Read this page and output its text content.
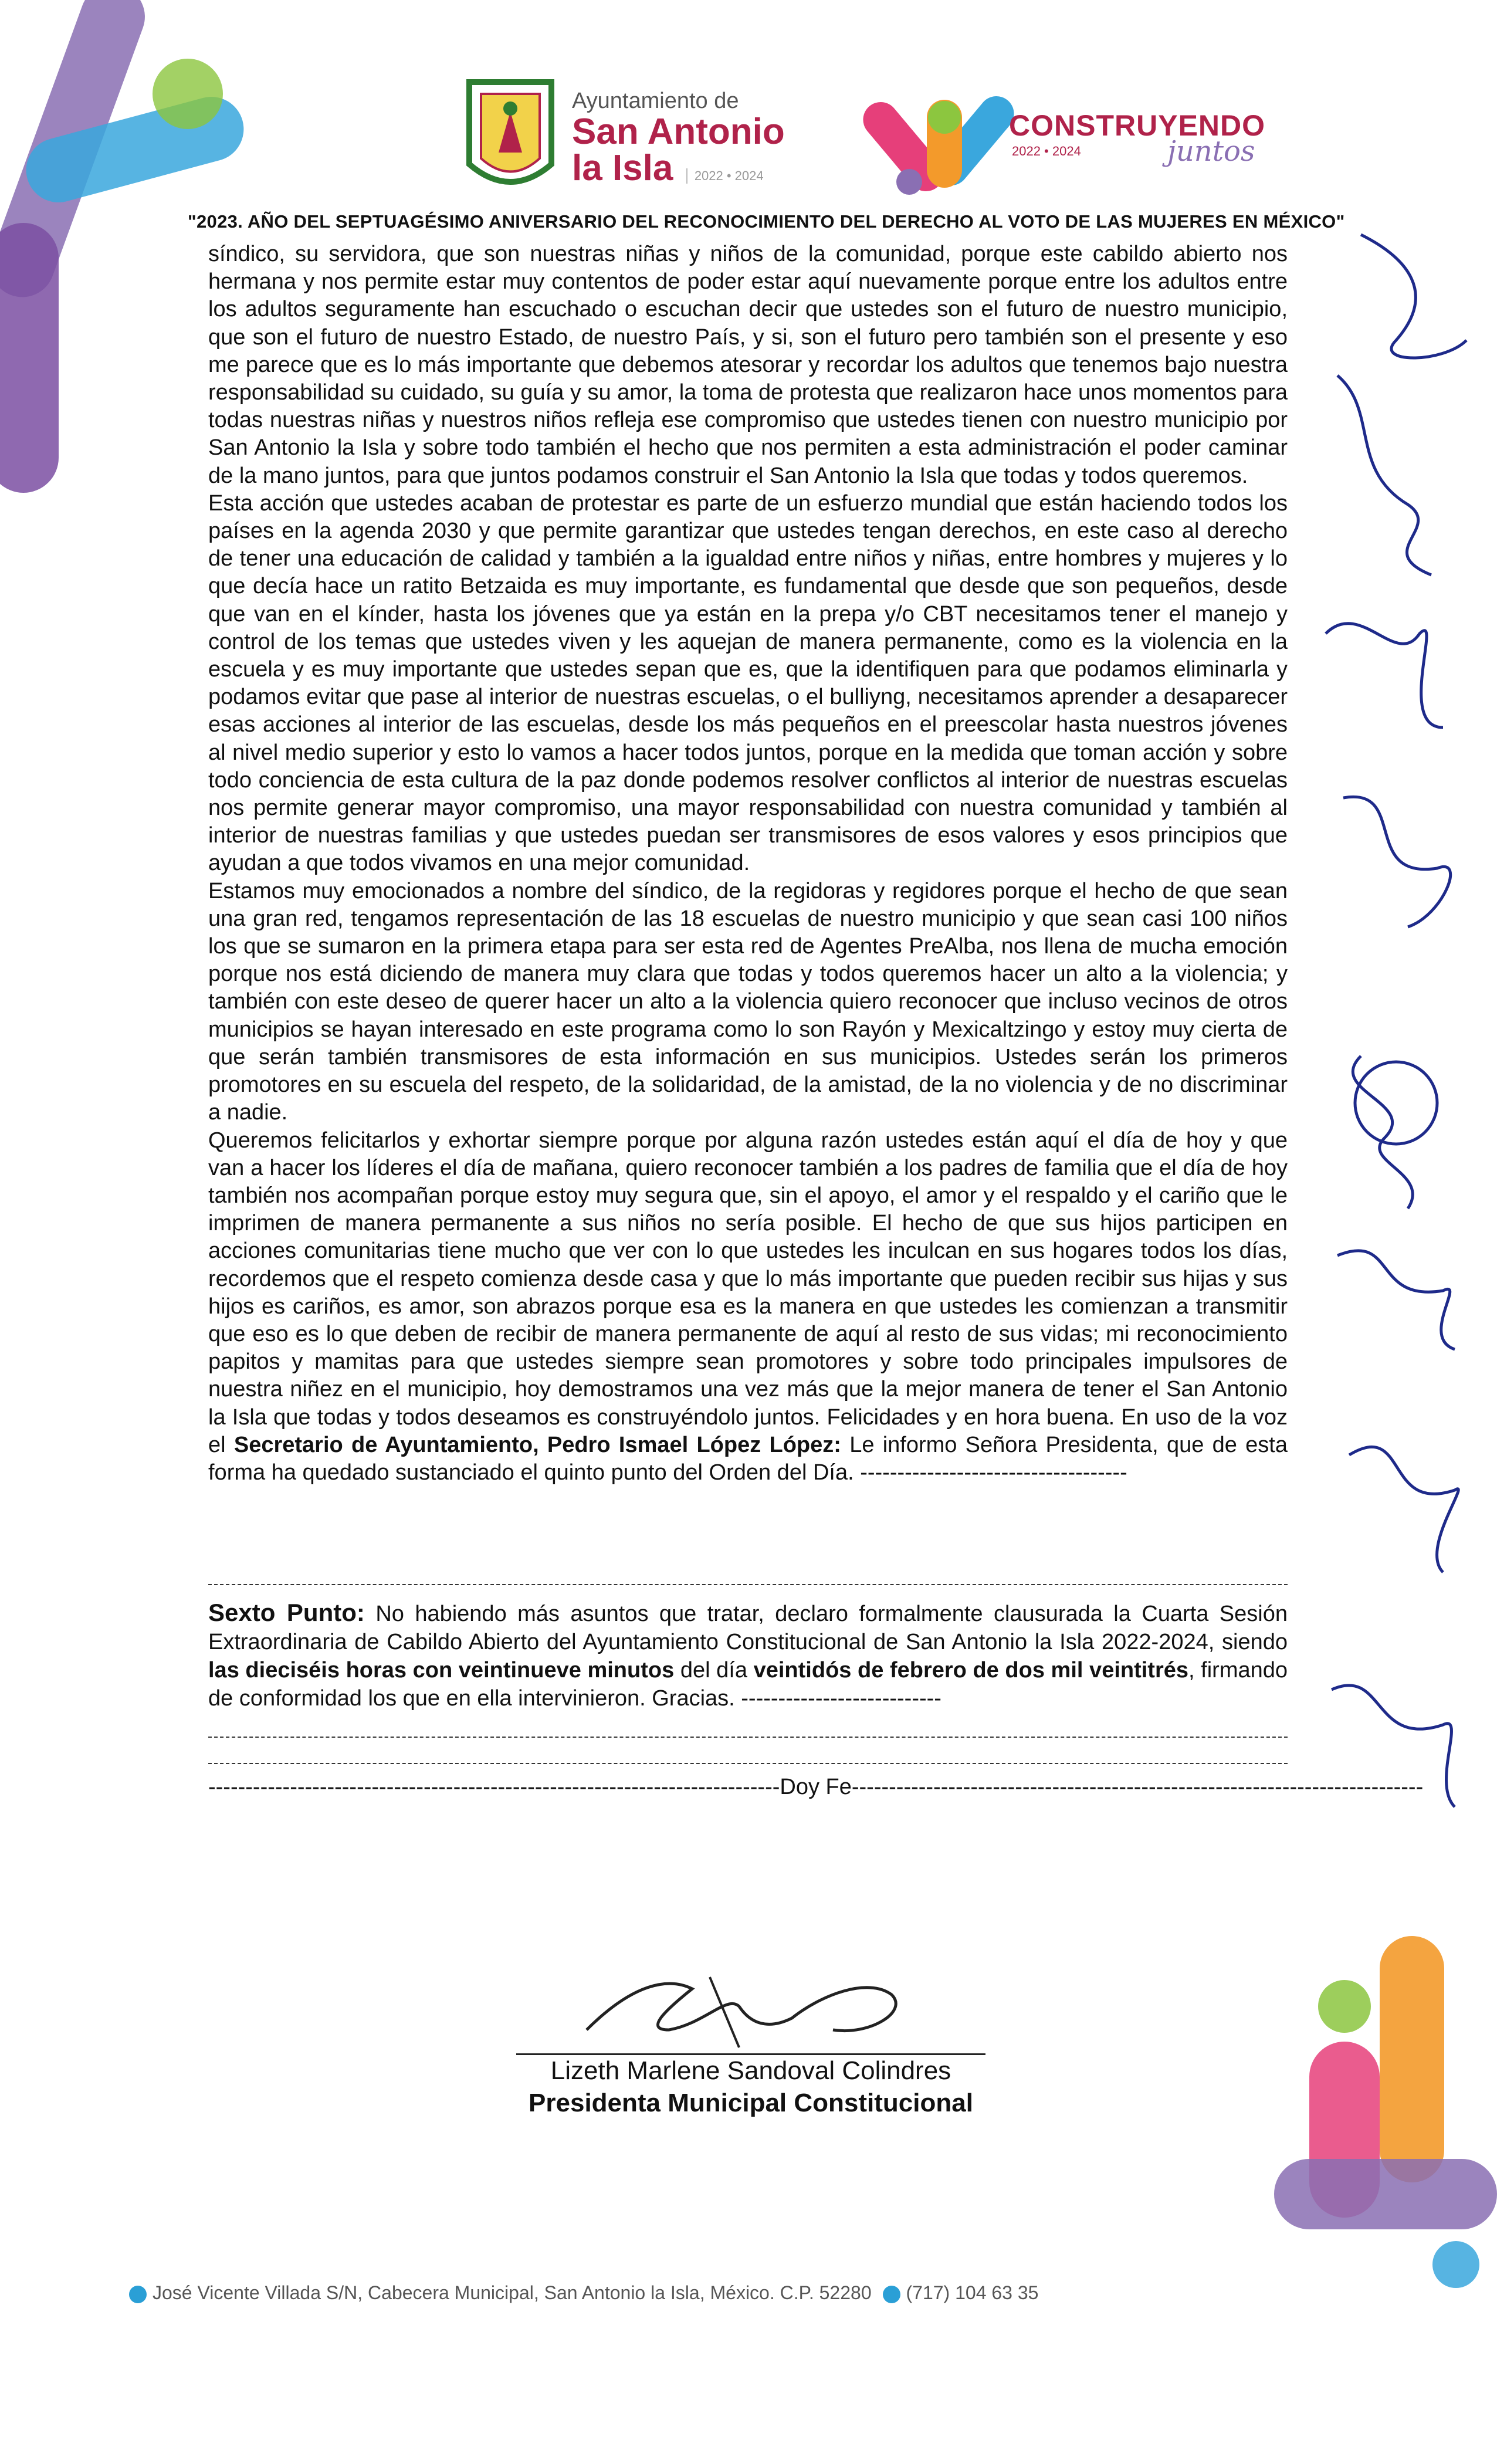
Ayuntamiento de
San Antonio
la Isla 2022 • 2024
CONSTRUYENDO
2022 • 2024	juntos
"2023. AÑO DEL SEPTUAGÉSIMO ANIVERSARIO DEL RECONOCIMIENTO DEL DERECHO AL VOTO DE LAS MUJERES EN MÉXICO"

síndico, su servidora, que son nuestras niñas y niños de la comunidad, porque este cabildo abierto nos hermana y nos permite estar muy contentos de poder estar aquí nuevamente porque entre los adultos entre los adultos seguramente han escuchado o escuchan decir que ustedes son el futuro de nuestro municipio, que son el futuro de nuestro Estado, de nuestro País, y si, son el futuro pero también son el presente y eso me parece que es lo más importante que debemos atesorar y recordar los adultos que tenemos bajo nuestra responsabilidad su cuidado, su guía y su amor, la toma de protesta que realizaron hace unos momentos para todas nuestras niñas y nuestros niños refleja ese compromiso que ustedes tienen con nuestro municipio por San Antonio la Isla y sobre todo también el hecho que nos permiten a esta administración el poder caminar de la mano juntos, para que juntos podamos construir el San Antonio la Isla que todas y todos queremos.

Esta acción que ustedes acaban de protestar es parte de un esfuerzo mundial que están haciendo todos los países en la agenda 2030 y que permite garantizar que ustedes tengan derechos, en este caso al derecho de tener una educación de calidad y también a la igualdad entre niños y niñas, entre hombres y mujeres y lo que decía hace un ratito Betzaida es muy importante, es fundamental que desde que son pequeños, desde que van en el kínder, hasta los jóvenes que ya están en la prepa y/o CBT necesitamos tener el manejo y control de los temas que ustedes viven y les aquejan de manera permanente, como es la violencia en la escuela y es muy importante que ustedes sepan que es, que la identifiquen para que podamos eliminarla y podamos evitar que pase al interior de nuestras escuelas, o el bulliyng, necesitamos aprender a desaparecer esas acciones al interior de las escuelas, desde los más pequeños en el preescolar hasta nuestros jóvenes al nivel medio superior y esto lo vamos a hacer todos juntos, porque en la medida que toman acción y sobre todo conciencia de esta cultura de la paz donde podemos resolver conflictos al interior de nuestras escuelas nos permite generar mayor compromiso, una mayor responsabilidad con nuestra comunidad y también al interior de nuestras familias y que ustedes puedan ser transmisores de esos valores y esos principios que ayudan a que todos vivamos en una mejor comunidad.

Estamos muy emocionados a nombre del síndico, de la regidoras y regidores porque el hecho de que sean una gran red, tengamos representación de las 18 escuelas de nuestro municipio y que sean casi 100 niños los que se sumaron en la primera etapa para ser esta red de Agentes PreAlba, nos llena de mucha emoción porque nos está diciendo de manera muy clara que todas y todos queremos hacer un alto a la violencia; y también con este deseo de querer hacer un alto a la violencia quiero reconocer que incluso vecinos de otros municipios se hayan interesado en este programa como lo son Rayón y Mexicaltzingo y estoy muy cierta de que serán también transmisores de esta información en sus municipios. Ustedes serán los primeros promotores en su escuela del respeto, de la solidaridad, de la amistad, de la no violencia y de no discriminar a nadie.

Queremos felicitarlos y exhortar siempre porque por alguna razón ustedes están aquí el día de hoy y que van a hacer los líderes el día de mañana, quiero reconocer también a los padres de familia que el día de hoy también nos acompañan porque estoy muy segura que, sin el apoyo, el amor y el respaldo y el cariño que le imprimen de manera permanente a sus niños no sería posible. El hecho de que sus hijos participen en acciones comunitarias tiene mucho que ver con lo que ustedes les inculcan en sus hogares todos los días, recordemos que el respeto comienza desde casa y que lo más importante que pueden recibir sus hijas y sus hijos es cariños, es amor, son abrazos porque esa es la manera en que ustedes les comienzan a transmitir que eso es lo que deben de recibir de manera permanente de aquí al resto de sus vidas; mi reconocimiento papitos y mamitas para que ustedes siempre sean promotores y sobre todo principales impulsores de nuestra niñez en el municipio, hoy demostramos una vez más que la mejor manera de tener el San Antonio la Isla que todas y todos deseamos es construyéndolo juntos. Felicidades y en hora buena. En uso de la voz el Secretario de Ayuntamiento, Pedro Ismael López López: Le informo Señora Presidenta, que de esta forma ha quedado sustanciado el quinto punto del Orden del Día. ------------------------------------

Sexto Punto: No habiendo más asuntos que tratar, declaro formalmente clausurada la Cuarta Sesión Extraordinaria de Cabildo Abierto del Ayuntamiento Constitucional de San Antonio la Isla 2022-2024, siendo las dieciséis horas con veintinueve minutos del día veintidós de febrero de dos mil veintitrés, firmando de conformidad los que en ella intervinieron. Gracias. ---------------------------
-----------------------------------------------------------------------------Doy Fe-----------------------------------------------------------------------------
Lizeth Marlene Sandoval Colindres
Presidenta Municipal Constitucional
José Vicente Villada S/N, Cabecera Municipal, San Antonio la Isla, México. C.P. 52280 (717) 104 63 35
